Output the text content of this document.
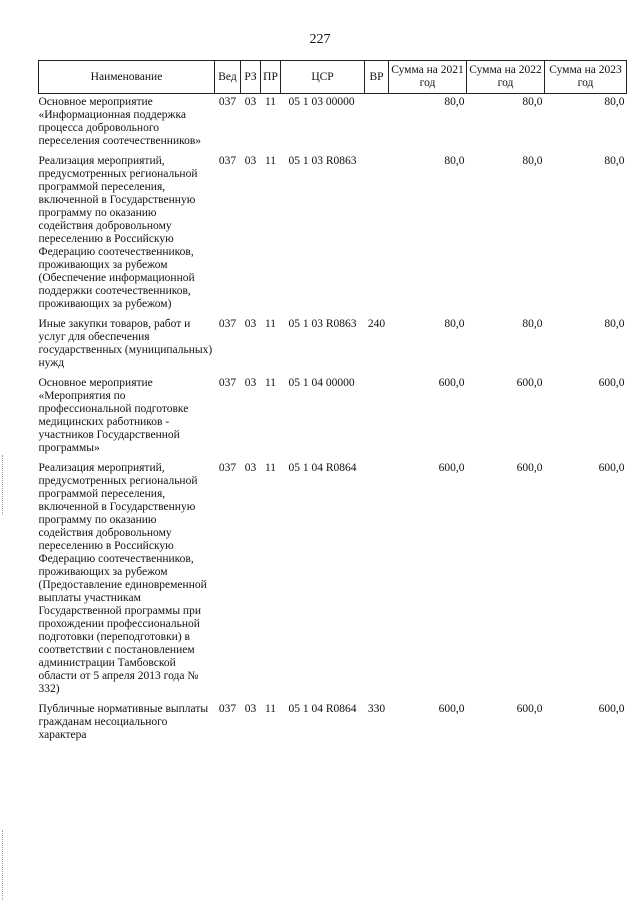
227
Наименование	Вед	РЗ	ПР	ЦСР	ВР	Сумма на 2021 год	Сумма на 2022 год	Сумма на 2023 год
Основное мероприятие «Информационная поддержка процесса добровольного переселения соотечественников»	037	03	11	05 1 03 00000		80,0	80,0	80,0
Реализация мероприятий, предусмотренных региональной программой переселения, включенной в Государственную программу по оказанию содействия добровольному переселению в Российскую Федерацию соотечественников, проживающих за рубежом (Обеспечение информационной поддержки соотечественников, проживающих за рубежом)	037	03	11	05 1 03 R0863		80,0	80,0	80,0
Иные закупки товаров, работ и услуг для обеспечения государственных (муниципальных) нужд	037	03	11	05 1 03 R0863	240	80,0	80,0	80,0
Основное мероприятие «Мероприятия по профессиональной подготовке медицинских работников - участников Государственной программы»	037	03	11	05 1 04 00000		600,0	600,0	600,0
Реализация мероприятий, предусмотренных региональной программой переселения, включенной в Государственную программу по оказанию содействия добровольному переселению в Российскую Федерацию соотечественников, проживающих за рубежом (Предоставление единовременной выплаты участникам Государственной программы при прохождении профессиональной подготовки (переподготовки) в соответствии с постановлением администрации Тамбовской области от 5 апреля 2013 года № 332)	037	03	11	05 1 04 R0864		600,0	600,0	600,0
Публичные нормативные выплаты гражданам несоциального характера	037	03	11	05 1 04 R0864	330	600,0	600,0	600,0
